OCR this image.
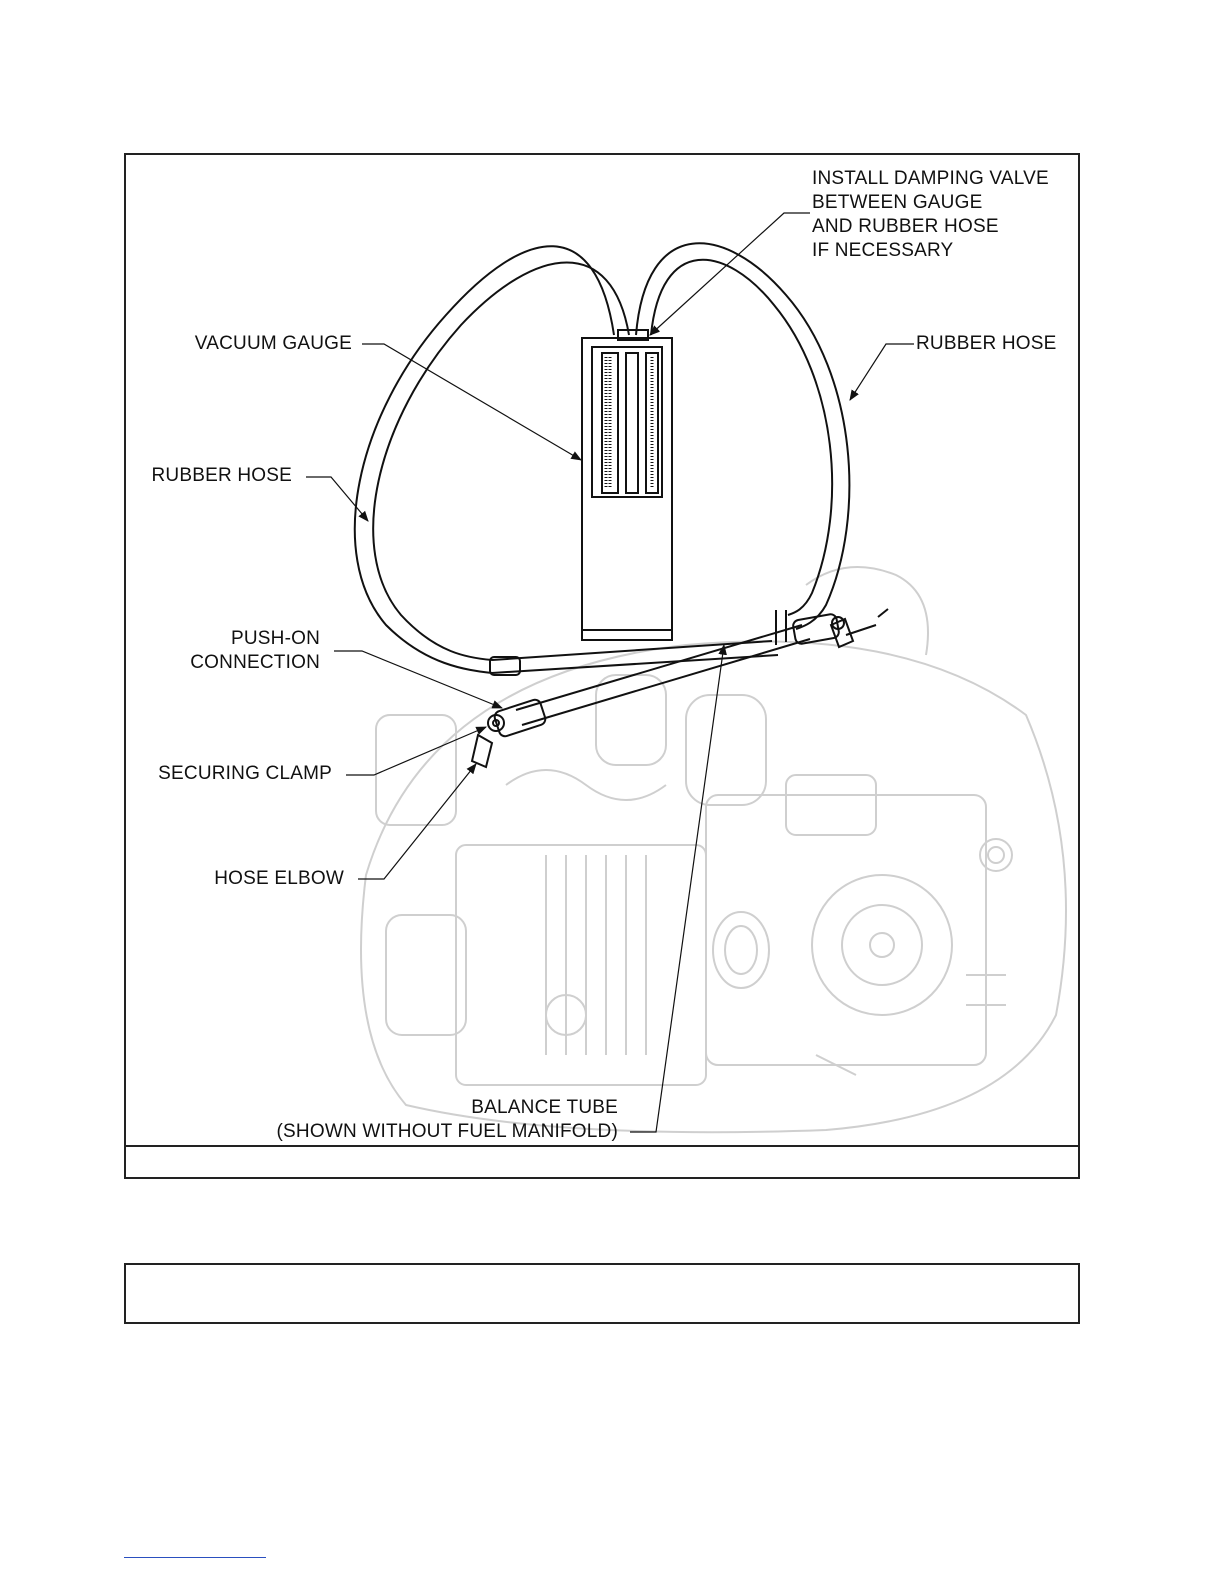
INSTALL DAMPING VALVE
BETWEEN GAUGE
AND RUBBER HOSE
IF NECESSARY
VACUUM GAUGE	RUBBER HOSE
RUBBER HOSE
PUSH-ON
CONNECTION
SECURING CLAMP
HOSE ELBOW
BALANCE TUBE
(SHOWN WITHOUT FUEL MANIFOLD)
